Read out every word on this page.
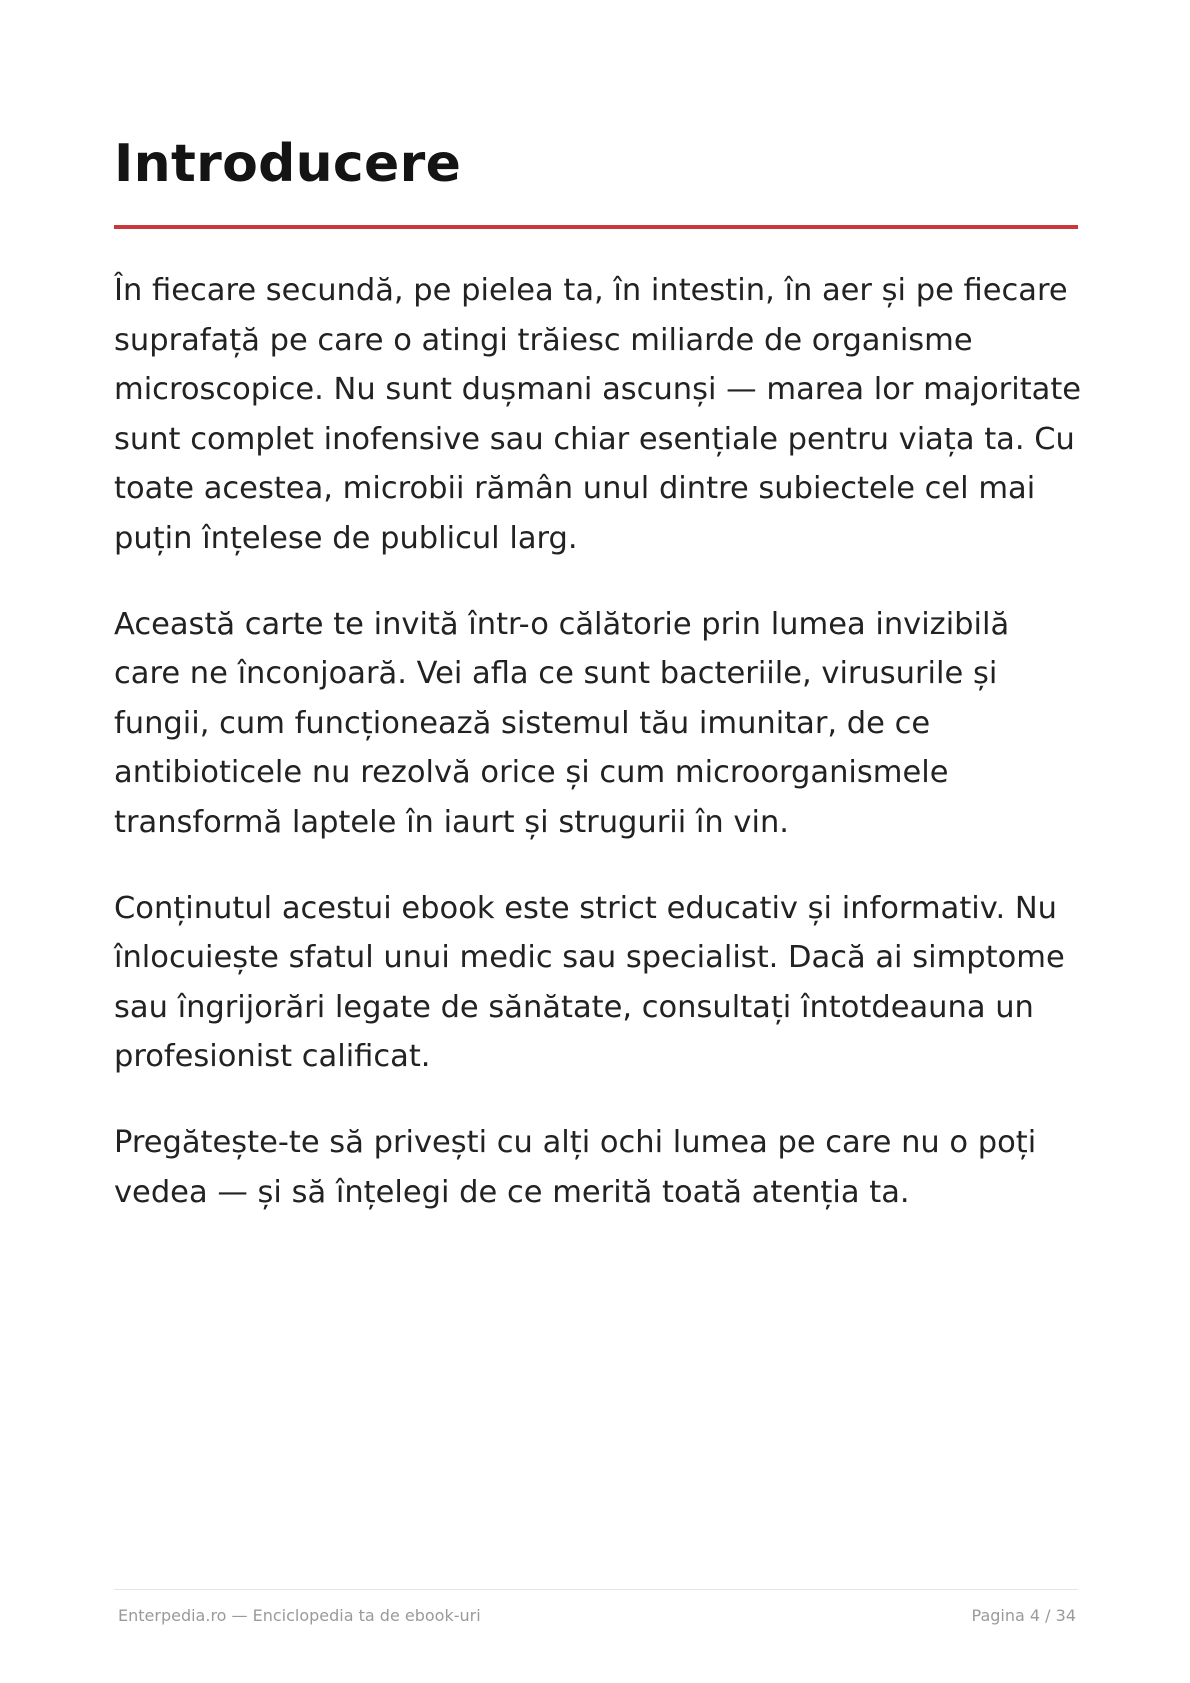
Introducere

În fiecare secundă, pe pielea ta, în intestin, în aer și pe fiecare suprafață pe care o atingi trăiesc miliarde de organisme microscopice. Nu sunt dușmani ascunși — marea lor majoritate sunt complet inofensive sau chiar esențiale pentru viața ta. Cu toate acestea, microbii rămân unul dintre subiectele cel mai puțin înțelese de publicul larg.

Această carte te invită într-o călătorie prin lumea invizibilă care ne înconjoară. Vei afla ce sunt bacteriile, virusurile și fungii, cum funcționează sistemul tău imunitar, de ce antibioticele nu rezolvă orice și cum microorganismele transformă laptele în iaurt și strugurii în vin.

Conținutul acestui ebook este strict educativ și informativ. Nu înlocuiește sfatul unui medic sau specialist. Dacă ai simptome sau îngrijorări legate de sănătate, consultați întotdeauna un profesionist calificat.

Pregătește-te să privești cu alți ochi lumea pe care nu o poți vedea — și să înțelegi de ce merită toată atenția ta.

Enterpedia.ro — Enciclopedia ta de ebook-uri	Pagina 4 / 34
